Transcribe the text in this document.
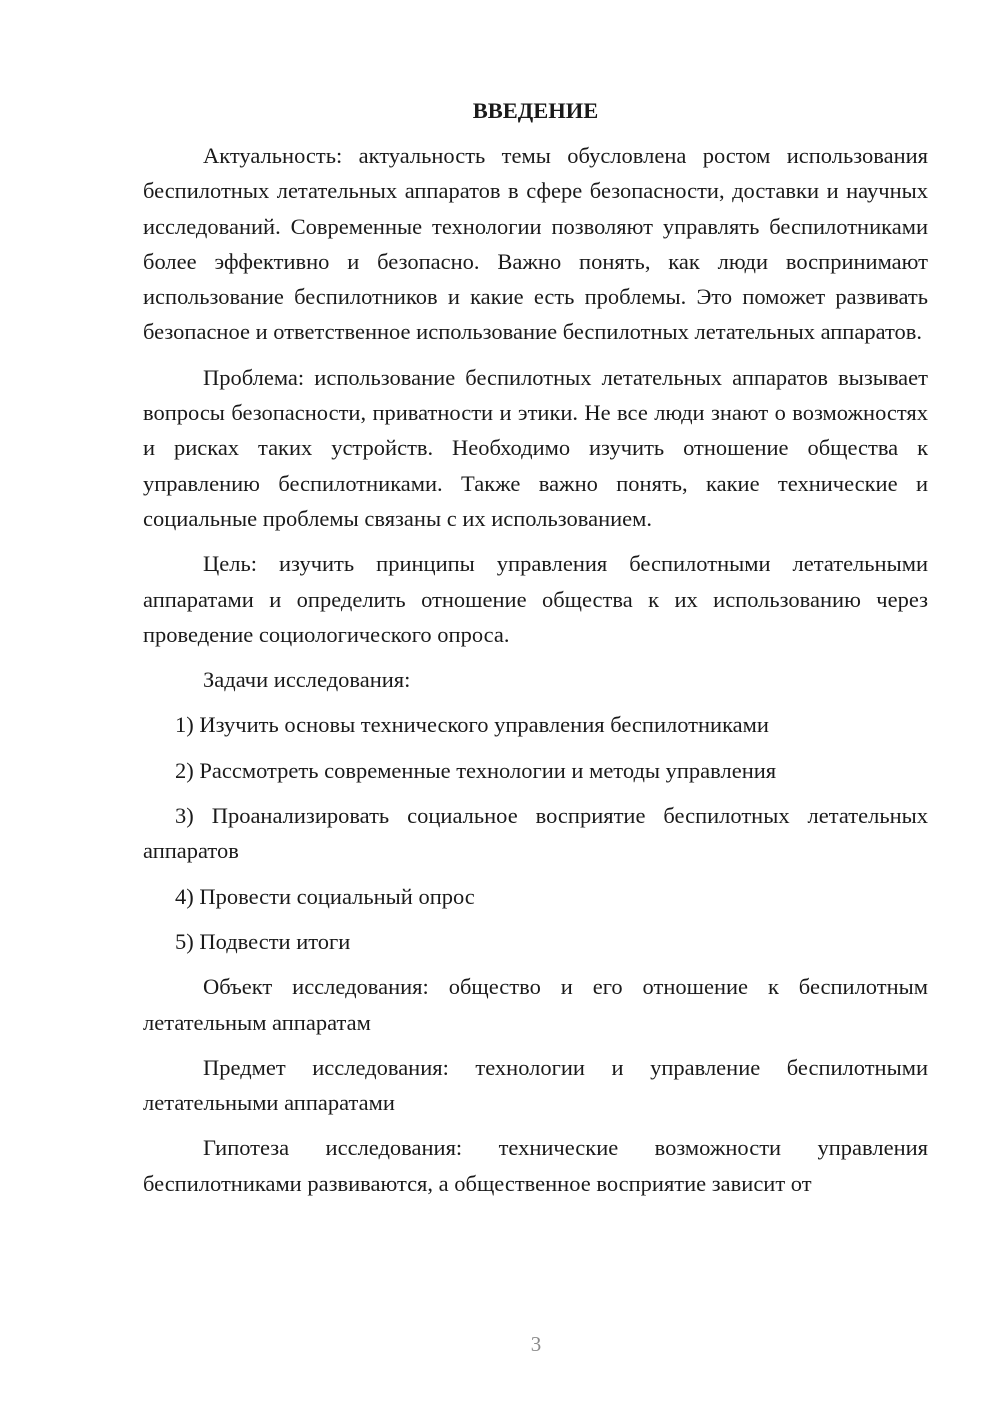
ВВЕДЕНИЕ

Актуальность: актуальность темы обусловлена ростом использования беспилотных летательных аппаратов в сфере безопасности, доставки и научных исследований. Современные технологии позволяют управлять беспилотниками более эффективно и безопасно. Важно понять, как люди воспринимают использование беспилотников и какие есть проблемы. Это поможет развивать безопасное и ответственное использование беспилотных летательных аппаратов.

Проблема: использование беспилотных летательных аппаратов вызывает вопросы безопасности, приватности и этики. Не все люди знают о возможностях и рисках таких устройств. Необходимо изучить отношение общества к управлению беспилотниками. Также важно понять, какие технические и социальные проблемы связаны с их использованием.

Цель: изучить принципы управления беспилотными летательными аппаратами и определить отношение общества к их использованию через проведение социологического опроса.

Задачи исследования:

1) Изучить основы технического управления беспилотниками

2) Рассмотреть современные технологии и методы управления

3) Проанализировать социальное восприятие беспилотных летательных аппаратов

4) Провести социальный опрос

5) Подвести итоги

Объект исследования: общество и его отношение к беспилотным летательным аппаратам

Предмет исследования: технологии и управление беспилотными летательными аппаратами

Гипотеза исследования: технические возможности управления беспилотниками развиваются, а общественное восприятие зависит от

3
